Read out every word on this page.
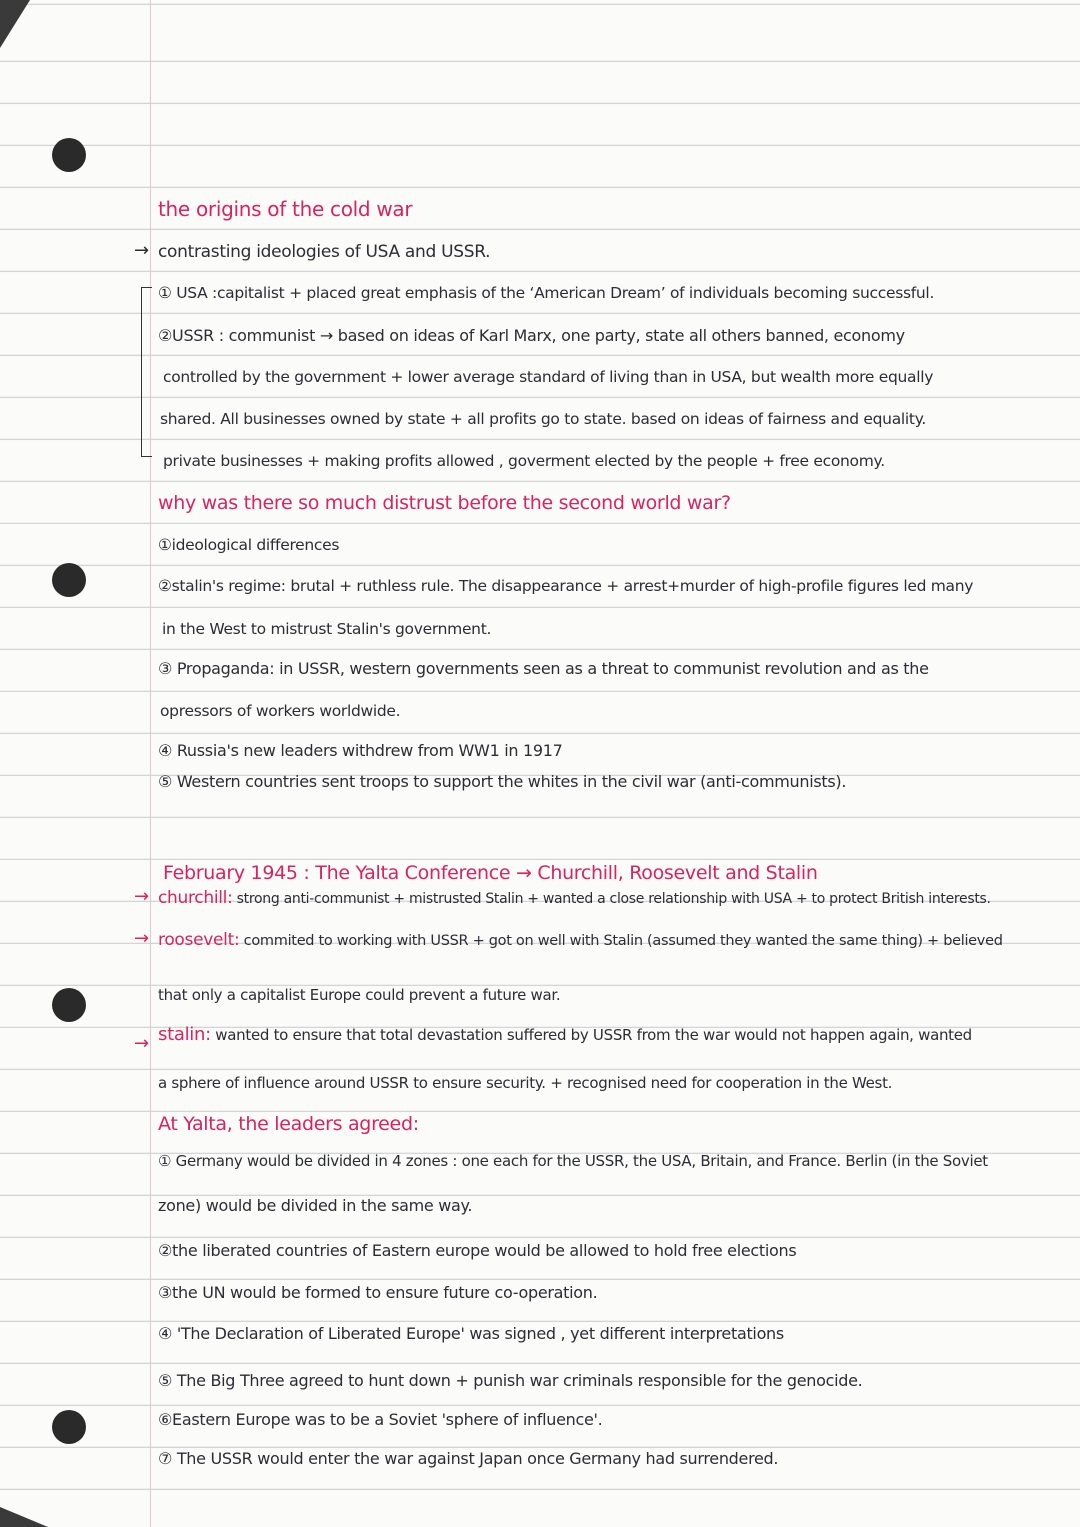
the origins of the cold war
→ contrasting ideologies of USA and USSR.
① USA :capitalist + placed great emphasis of the ‘American Dream’ of individuals becoming successful.
②USSR : communist → based on ideas of Karl Marx, one party, state all others banned, economy
controlled by the government + lower average standard of living than in USA, but wealth more equally
shared. All businesses owned by state + all profits go to state. based on ideas of fairness and equality.
private businesses + making profits allowed , goverment elected by the people + free economy.
why was there so much distrust before the second world war?
①ideological differences
②stalin's regime: brutal + ruthless rule. The disappearance + arrest+murder of high-profile figures led many
in the West to mistrust Stalin's government.
③ Propaganda: in USSR, western governments seen as a threat to communist revolution and as the
opressors of workers worldwide.
④ Russia's new leaders withdrew from WW1 in 1917
⑤ Western countries sent troops to support the whites in the civil war (anti-communists).
February 1945 : The Yalta Conference → Churchill, Roosevelt and Stalin
→ churchill: strong anti-communist + mistrusted Stalin + wanted a close relationship with USA + to protect British interests.
→ roosevelt: commited to working with USSR + got on well with Stalin (assumed they wanted the same thing) + believed
that only a capitalist Europe could prevent a future war.
→ stalin: wanted to ensure that total devastation suffered by USSR from the war would not happen again, wanted
a sphere of influence around USSR to ensure security. + recognised need for cooperation in the West.
At Yalta, the leaders agreed:
① Germany would be divided in 4 zones : one each for the USSR, the USA, Britain, and France. Berlin (in the Soviet
zone) would be divided in the same way.
②the liberated countries of Eastern europe would be allowed to hold free elections
③the UN would be formed to ensure future co-operation.
④ 'The Declaration of Liberated Europe' was signed , yet different interpretations
⑤ The Big Three agreed to hunt down + punish war criminals responsible for the genocide.
⑥Eastern Europe was to be a Soviet 'sphere of influence'.
⑦ The USSR would enter the war against Japan once Germany had surrendered.
